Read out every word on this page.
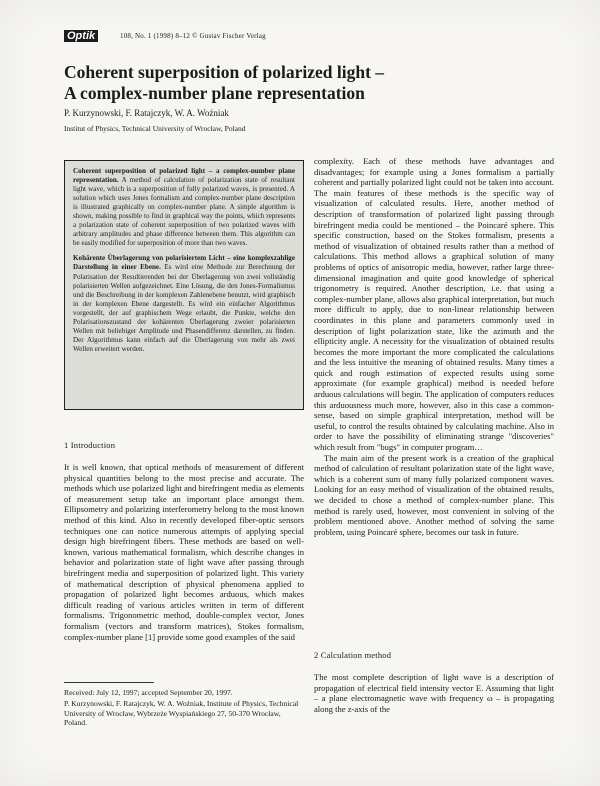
Optik	108, No. 1 (1998) 8–12 © Gustav Fischer Verlag
Coherent superposition of polarized light –
A complex-number plane representation
P. Kurzynowski, F. Ratajczyk, W. A. Woźniak
Institut of Physics, Technical University of Wrocław, Poland

Coherent superposition of polarized light – a complex-number plane representation. A method of calculation of polarization state of resultant light wave, which is a superposition of fully polarized waves, is presented. A solution which uses Jones formalism and complex-number plane description is illustrated graphically on complex-number plane. A simple algorithm is shown, making possible to find in graphical way the points, which represents a polarization state of coherent superposition of two polarized waves with arbitrary amplitudes and phase difference between them. This algorithm can be easily modified for superposition of more than two waves.

Kohärente Überlagerung von polarisiertem Licht – eine komplexzahlige Darstellung in einer Ebene. Es wird eine Methode zur Berechnung der Polarisation der Resultierenden bei der Überlagerung von zwei vollständig polarisierten Wellen aufgezeichnet. Eine Lösung, die den Jones-Formalismus und die Beschreibung in der komplexen Zahlenebene benutzt, wird graphisch in der komplexen Ebene dargestellt. Es wird ein einfacher Algorithmus vorgestellt, der auf graphischem Wege erlaubt, die Punkte, welche den Polarisationszustand der kohärenten Überlagerung zweier polarisierten Wellen mit beliebiger Amplitude und Phasendifferenz darstellen, zu finden. Der Algorithmus kann einfach auf die Überlagerung von mehr als zwei Wellen erweitert werden.

1 Introduction

It is well known, that optical methods of measurement of different physical quantities belong to the most precise and accurate. The methods which use polarized light and birefringent media as elements of measurement setup take an important place amongst them. Ellipsometry and polarizing interferometry belong to the most known method of this kind. Also in recently developed fiber-optic sensors techniques one can notice numerous attempts of applying special design high birefringent fibers. These methods are based on well-known, various mathematical formalism, which describe changes in behavior and polarization state of light wave after passing through birefringent media and superposition of polarized light. This variety of mathematical description of physical phenomena applied to propagation of polarized light becomes arduous, which makes difficult reading of various articles written in term of different formalisms. Trigonometric method, double-complex vector, Jones formalism (vectors and transform matrices), Stokes formalism, complex-number plane [1] provide some good examples of the said

complexity. Each of these methods have advantages and disadvantages; for example using a Jones formalism a partially coherent and partially polarized light could not be taken into account. The main features of these methods is the specific way of visualization of calculated results. Here, another method of description of transformation of polarized light passing through birefringent media could be mentioned – the Poincaré sphere. This specific construction, based on the Stokes formalism, presents a method of visualization of obtained results rather than a method of calculations. This method allows a graphical solution of many problems of optics of anisotropic media, however, rather large three-dimensional imagination and quite good knowledge of spherical trigonometry is required. Another description, i.e. that using a complex-number plane, allows also graphical interpretation, but much more difficult to apply, due to non-linear relationship between coordinates in this plane and parameters commonly used in description of light polarization state, like the azimuth and the ellipticity angle. A necessity for the visualization of obtained results becomes the more important the more complicated the calculations and the less intuitive the meaning of obtained results. Many times a quick and rough estimation of expected results using some approximate (for example graphical) method is needed before arduous calculations will begin. The application of computers reduces this arduousness much more, however, also in this case a common-sense, based on simple graphical interpretation, method will be useful, to control the results obtained by calculating machine. Also in order to have the possibility of eliminating strange "discoveries" which result from "bugs" in computer program…

The main aim of the present work is a creation of the graphical method of calculation of resultant polarization state of the light wave, which is a coherent sum of many fully polarized component waves. Looking for an easy method of visualization of the obtained results, we decided to chose a method of complex-number plane. This method is rarely used, however, most convenient in solving of the problem mentioned above. Another method of solving the same problem, using Poincaré sphere, becomes our task in future.

2 Calculation method

The most complete description of light wave is a description of propagation of electrical field intensity vector E. Assuming that light – a plane electromagnetic wave with frequency ω – is propagating along the z-axis of the

Received: July 12, 1997; accepted September 20, 1997.

P. Kurzynowski, F. Ratajczyk, W. A. Woźniak, Institute of Physics, Technical University of Wrocław, Wybrzeże Wyspiańskiego 27, 50-370 Wrocław, Poland.
